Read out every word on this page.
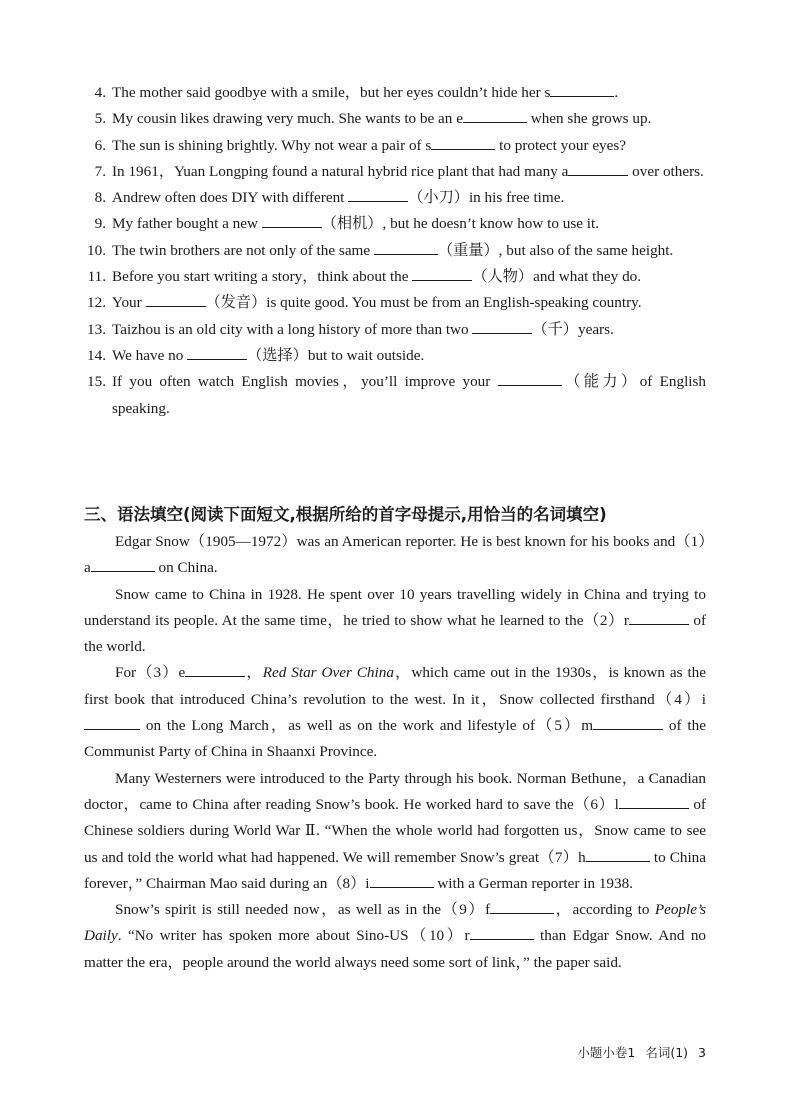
4. The mother said goodbye with a smile，but her eyes couldn’t hide her s	.
5. My cousin likes drawing very much. She wants to be an e	when she grows up.
6. The sun is shining brightly. Why not wear a pair of s	to protect your eyes?
7. In 1961，Yuan Longping found a natural hybrid rice plant that had many a	over others.
8. Andrew often does DIY with different	（小刀）in his free time.
9. My father bought a new	（相机）, but he doesn’t know how to use it.
10. The twin brothers are not only of the same	（重量）, but also of the same height.
11. Before you start writing a story，think about the	（人物）and what they do.
12. Your	（发音）is quite good. You must be from an English-speaking country.
13. Taizhou is an old city with a long history of more than two	（千）years.
14. We have no	（选择）but to wait outside.
15. If you often watch English movies，you’ll improve your	（能力）of English speaking.
三、语法填空(阅读下面短文,根据所给的首字母提示,用恰当的名词填空)

Edgar Snow（1905—1972）was an American reporter. He is best known for his books and（1）a	on China.

Snow came to China in 1928. He spent over 10 years travelling widely in China and trying to understand its people. At the same time，he tried to show what he learned to the（2）r	of the world.

For（3）e	，Red Star Over China，which came out in the 1930s，is known as the first book that introduced China’s revolution to the west. In it，Snow collected firsthand（4）i on the Long March，as well as on the work and lifestyle of（5）m	of the Communist Party of China in Shaanxi Province.

Many Westerners were introduced to the Party through his book. Norman Bethune，a Canadian doctor，came to China after reading Snow’s book. He worked hard to save the（6）l	of Chinese soldiers during World War Ⅱ. “When the whole world had forgotten us，Snow came to see us and told the world what had happened. We will remember Snow’s great（7）h	to China forever，” Chairman Mao said during an（8）i	with a German reporter in 1938.

Snow’s spirit is still needed now，as well as in the（9）f	，according to People’s Daily. “No writer has spoken more about Sino-US（10）r	than Edgar Snow. And no matter the era，people around the world always need some sort of link，” the paper said.

小题小卷1 名词(1) 3
